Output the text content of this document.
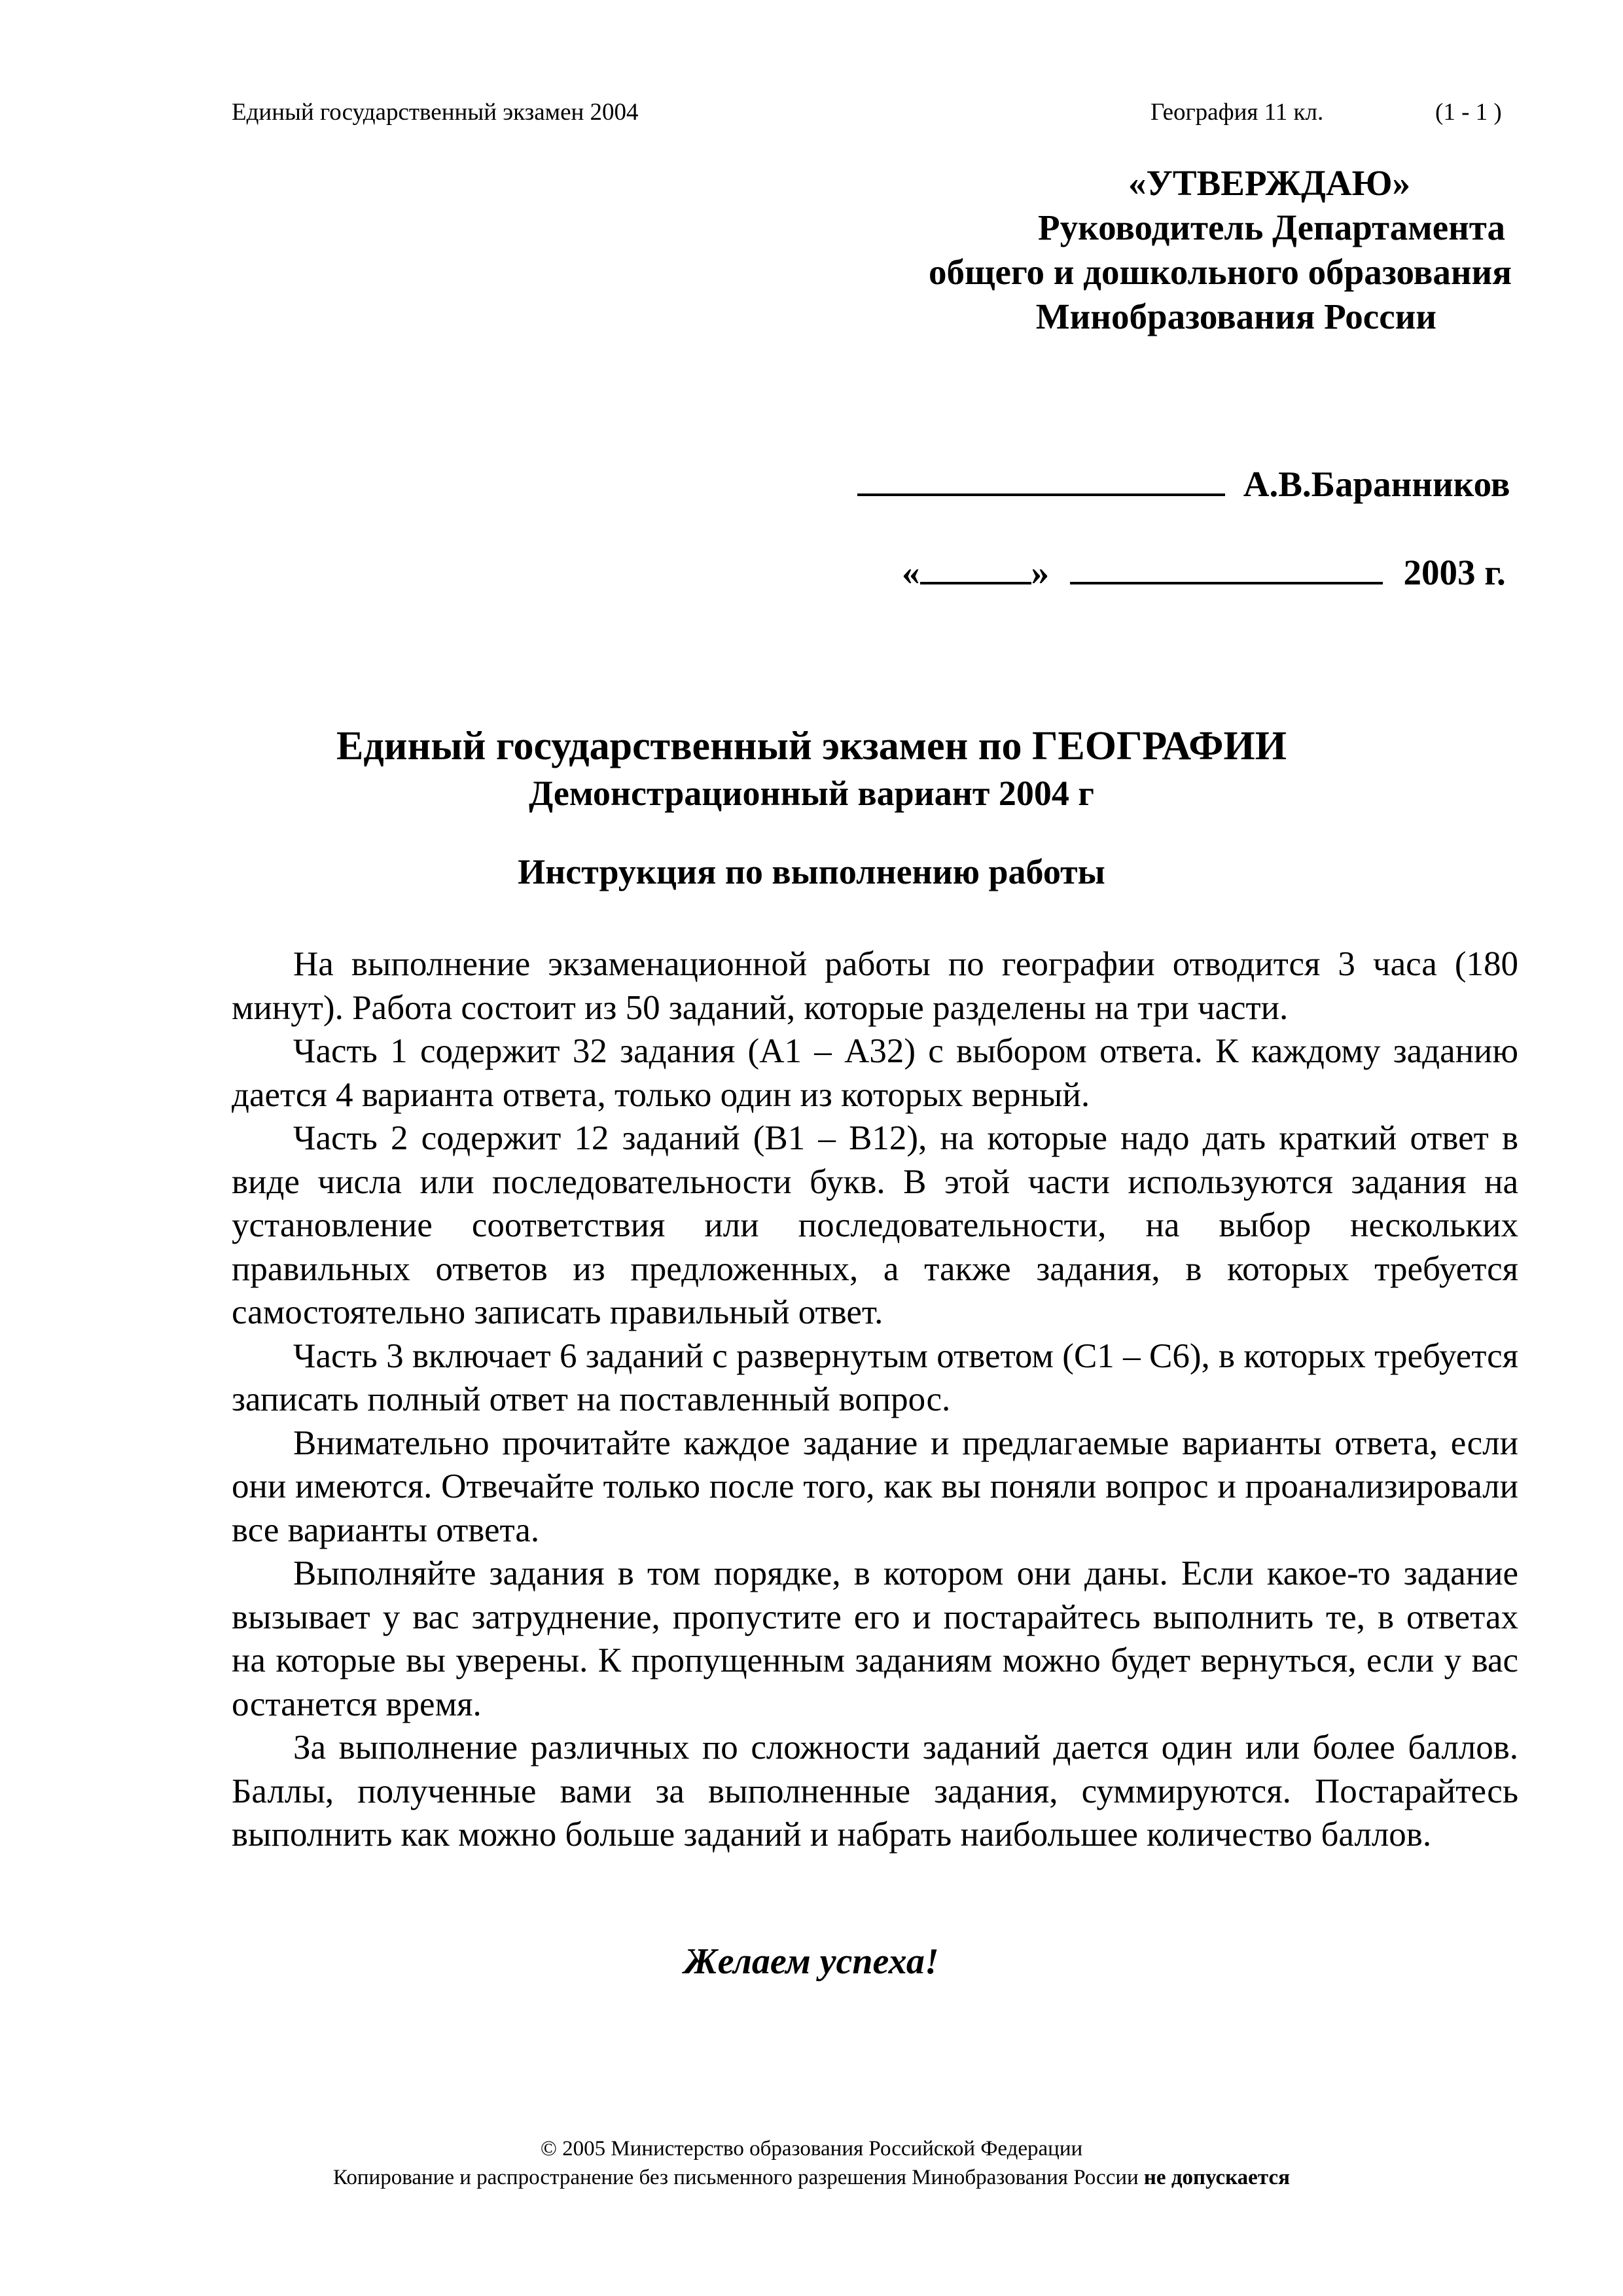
Единый государственный экзамен 2004	География 11 кл.	(1 - 1 )
«УТВЕРЖДАЮ»
Руководитель Департамента
общего и дошкольного образования
Минобразования России
А.В.Баранников
«	»	2003 г.
Единый государственный экзамен по ГЕОГРАФИИ
Демонстрационный вариант 2004 г
Инструкция по выполнению работы

На выполнение экзаменационной работы по географии отводится 3 часа (180 минут). Работа состоит из 50 заданий, которые разделены на три части.

Часть 1 содержит 32 задания (А1 – А32) с выбором ответа. К каждому заданию дается 4 варианта ответа, только один из которых верный.

Часть 2 содержит 12 заданий (В1 – В12), на которые надо дать краткий ответ в виде числа или последовательности букв. В этой части используются задания на установление соответствия или последовательности, на выбор нескольких правильных ответов из предложенных, а также задания, в которых требуется самостоятельно записать правильный ответ.

Часть 3 включает 6 заданий с развернутым ответом (С1 – С6), в которых требуется записать полный ответ на поставленный вопрос.

Внимательно прочитайте каждое задание и предлагаемые варианты ответа, если они имеются. Отвечайте только после того, как вы поняли вопрос и проанализировали все варианты ответа.

Выполняйте задания в том порядке, в котором они даны. Если какое-то задание вызывает у вас затруднение, пропустите его и постарайтесь выполнить те, в ответах на которые вы уверены. К пропущенным заданиям можно будет вернуться, если у вас останется время.

За выполнение различных по сложности заданий дается один или более баллов. Баллы, полученные вами за выполненные задания, суммируются. Постарайтесь выполнить как можно больше заданий и набрать наибольшее количество баллов.

Желаем успеха!
© 2005 Министерство образования Российской Федерации
Копирование и распространение без письменного разрешения Минобразования России не допускается
